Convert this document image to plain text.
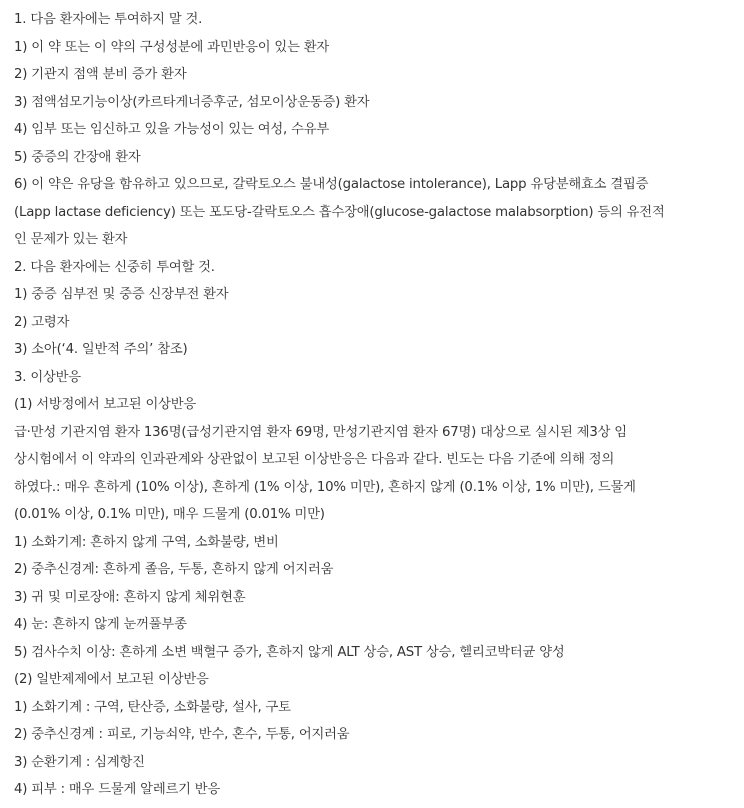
1. 다음 환자에는 투여하지 말 것.
1) 이 약 또는 이 약의 구성성분에 과민반응이 있는 환자
2) 기관지 점액 분비 증가 환자
3) 점액섬모기능이상(카르타게너증후군, 섬모이상운동증) 환자
4) 임부 또는 임신하고 있을 가능성이 있는 여성, 수유부
5) 중증의 간장애 환자
6) 이 약은 유당을 함유하고 있으므로, 갈락토오스 불내성(galactose intolerance), Lapp 유당분해효소 결핍증
(Lapp lactase deficiency) 또는 포도당-갈락토오스 흡수장애(glucose-galactose malabsorption) 등의 유전적
인 문제가 있는 환자
2. 다음 환자에는 신중히 투여할 것.
1) 중증 심부전 및 중증 신장부전 환자
2) 고령자
3) 소아(‘4. 일반적 주의’ 참조)
3. 이상반응
(1) 서방정에서 보고된 이상반응
급·만성 기관지염 환자 136명(급성기관지염 환자 69명, 만성기관지염 환자 67명) 대상으로 실시된 제3상 임
상시험에서 이 약과의 인과관계와 상관없이 보고된 이상반응은 다음과 같다. 빈도는 다음 기준에 의해 정의
하였다.: 매우 흔하게 (10% 이상), 흔하게 (1% 이상, 10% 미만), 흔하지 않게 (0.1% 이상, 1% 미만), 드물게
(0.01% 이상, 0.1% 미만), 매우 드물게 (0.01% 미만)
1) 소화기계: 흔하지 않게 구역, 소화불량, 변비
2) 중추신경계: 흔하게 졸음, 두통, 흔하지 않게 어지러움
3) 귀 및 미로장애: 흔하지 않게 체위현훈
4) 눈: 흔하지 않게 눈꺼풀부종
5) 검사수치 이상: 흔하게 소변 백혈구 증가, 흔하지 않게 ALT 상승, AST 상승, 헬리코박터균 양성
(2) 일반제제에서 보고된 이상반응
1) 소화기계 : 구역, 탄산증, 소화불량, 설사, 구토
2) 중추신경계 : 피로, 기능쇠약, 반수, 혼수, 두통, 어지러움
3) 순환기계 : 심계항진
4) 피부 : 매우 드물게 알레르기 반응
